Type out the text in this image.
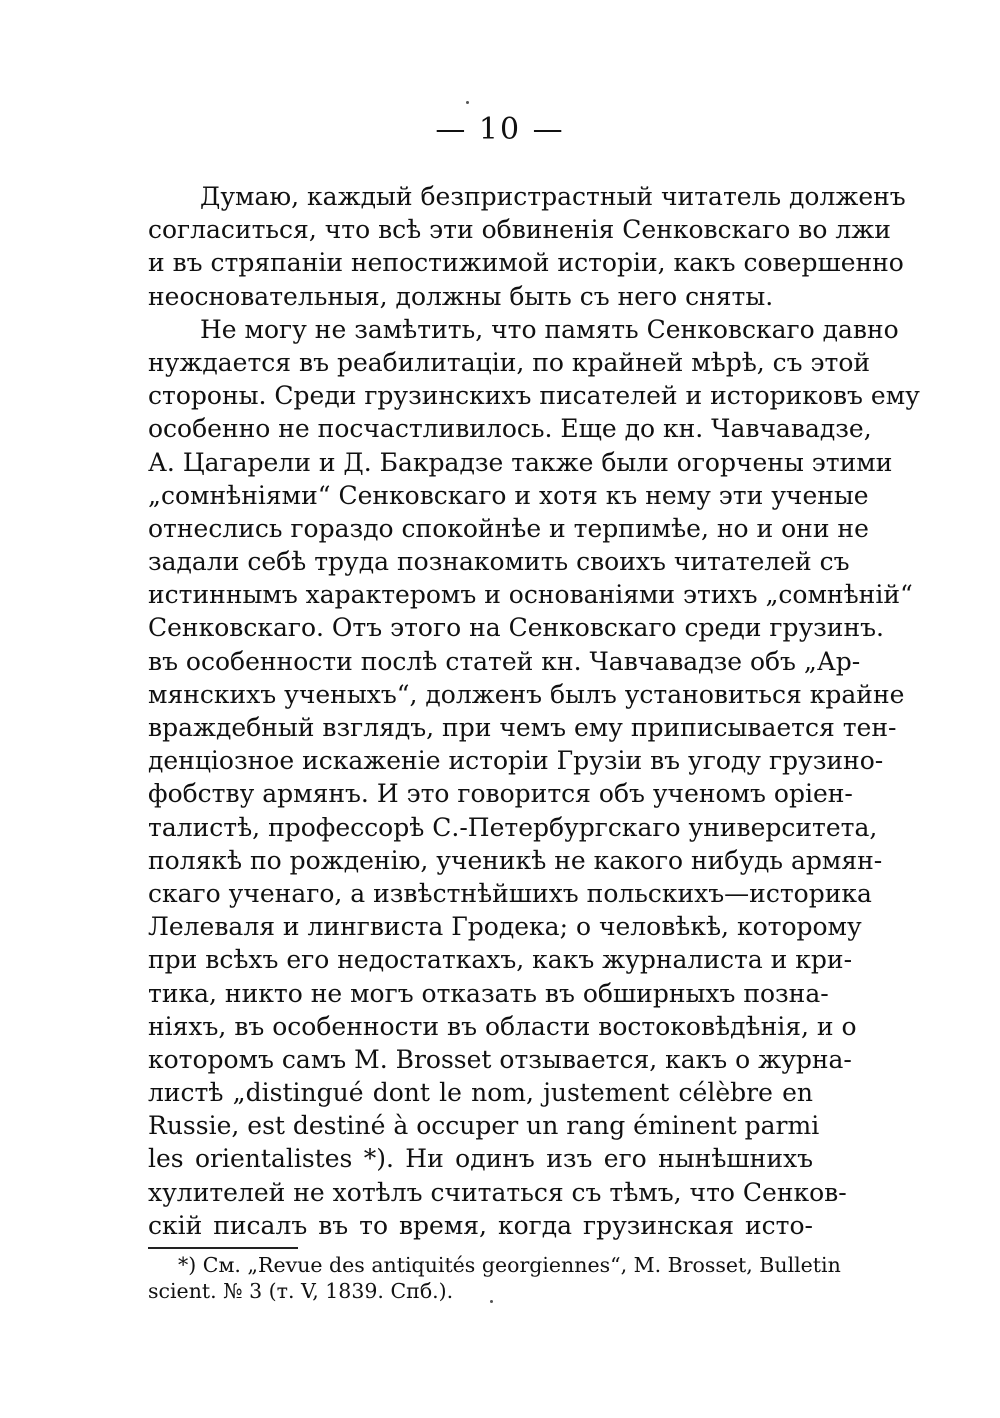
— 10 —
Думаю, каждый безпристрастный читатель долженъ
согласиться, что всѣ эти обвиненія Сенковскаго во лжи
и въ стряпаніи непостижимой исторіи, какъ совершенно
неосновательныя, должны быть съ него сняты.
Не могу не замѣтить, что память Сенковскаго давно
нуждается въ реабилитаціи, по крайней мѣрѣ, съ этой
стороны. Среди грузинскихъ писателей и историковъ ему
особенно не посчастливилось. Еще до кн. Чавчавадзе,
А. Цагарели и Д. Бакрадзе также были огорчены этими
„сомнѣніями“ Сенковскаго и хотя къ нему эти ученые
отнеслись гораздо спокойнѣе и терпимѣе, но и они не
задали себѣ труда познакомить своихъ читателей съ
истиннымъ характеромъ и основаніями этихъ „сомнѣній“
Сенковскаго. Отъ этого на Сенковскаго среди грузинъ.
въ особенности послѣ статей кн. Чавчавадзе объ „Ар-
мянскихъ ученыхъ“, долженъ былъ установиться крайне
враждебный взглядъ, при чемъ ему приписывается тен-
денціозное искаженіе исторіи Грузіи въ угоду грузино-
фобству армянъ. И это говорится объ ученомъ оріен-
талистѣ, профессорѣ С.-Петербургскаго университета,
полякѣ по рожденію, ученикѣ не какого нибудь армян-
скаго ученаго, а извѣстнѣйшихъ польскихъ—историка
Лелеваля и лингвиста Гродека; о человѣкѣ, которому
при всѣхъ его недостаткахъ, какъ журналиста и кри-
тика, никто не могъ отказать въ обширныхъ позна-
ніяхъ, въ особенности въ области востоковѣдѣнія, и о
которомъ самъ M. Brosset отзывается, какъ о журна-
листѣ „distingué dont le nom, justement célèbre en
Russie, est destiné à occuper un rang éminent parmi
les orientalistes *). Ни одинъ изъ его нынѣшнихъ
хулителей не хотѣлъ считаться съ тѣмъ, что Сенков-
скій писалъ въ то время, когда грузинская исто-
*) См. „Revue des antiquités georgiennes“, M. Brosset, Bulletin
scient. № 3 (т. V, 1839. Спб.).
